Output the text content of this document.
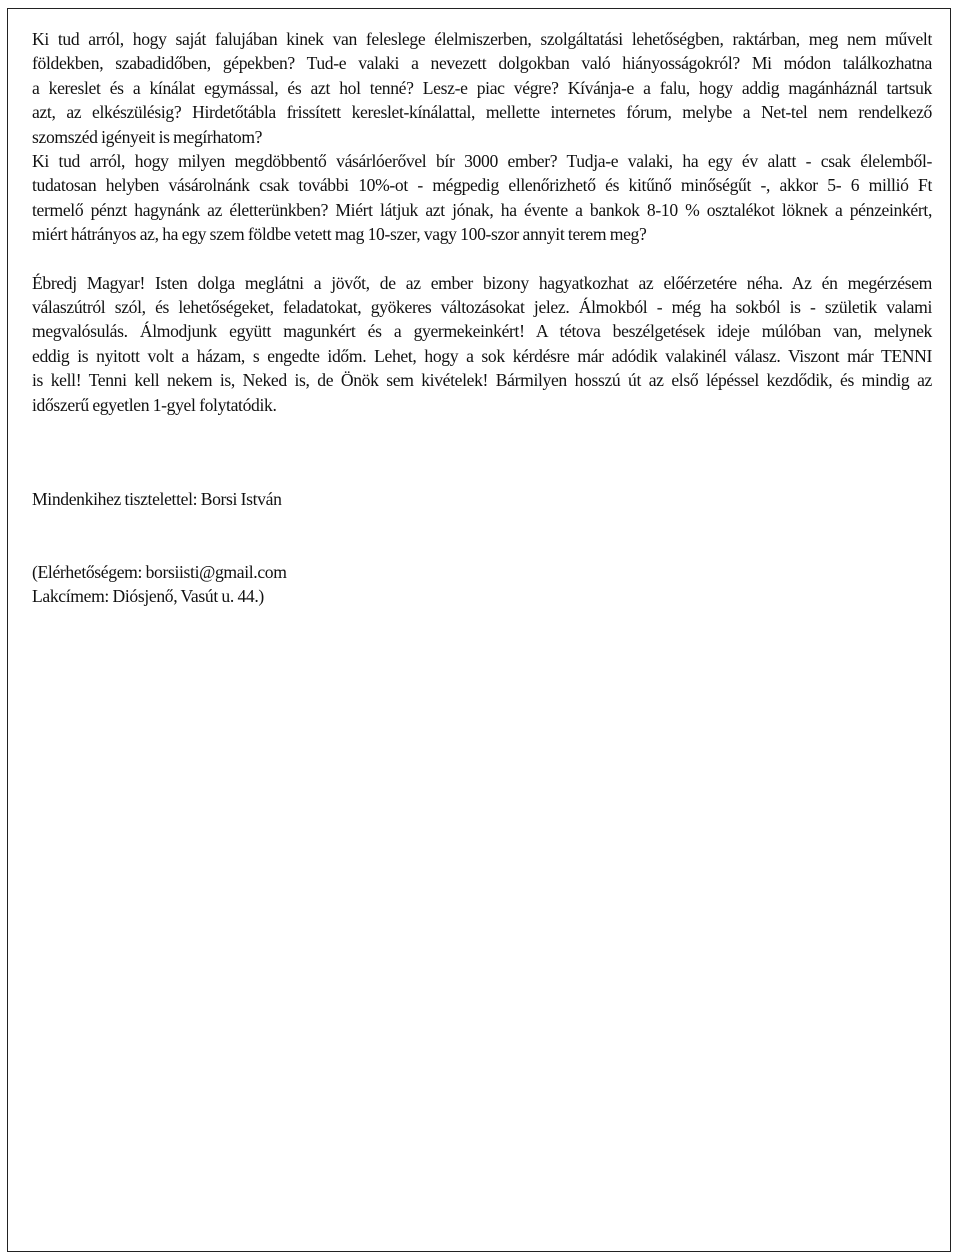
Ki tud arról, hogy saját falujában kinek van feleslege élelmiszerben, szolgáltatási lehetőségben, raktárban, meg nem művelt
földekben, szabadidőben, gépekben? Tud-e valaki a nevezett dolgokban való hiányosságokról? Mi módon találkozhatna
a kereslet és a kínálat egymással, és azt hol tenné? Lesz-e piac végre? Kívánja-e a falu, hogy addig magánháznál tartsuk
azt, az elkészülésig? Hirdetőtábla frissített kereslet-kínálattal, mellette internetes fórum, melybe a Net-tel nem rendelkező
szomszéd igényeit is megírhatom?
Ki tud arról, hogy milyen megdöbbentő vásárlóerővel bír 3000 ember? Tudja-e valaki, ha egy év alatt - csak élelemből-
tudatosan helyben vásárolnánk csak további 10%-ot - mégpedig ellenőrizhető és kitűnő minőségűt -, akkor 5- 6 millió Ft
termelő pénzt hagynánk az életterünkben? Miért látjuk azt jónak, ha évente a bankok 8-10 % osztalékot löknek a pénzeinkért,
miért hátrányos az, ha egy szem földbe vetett mag 10-szer, vagy 100-szor annyit terem meg?

Ébredj Magyar! Isten dolga meglátni a jövőt, de az ember bizony hagyatkozhat az előérzetére néha. Az én megérzésem
válaszútról szól, és lehetőségeket, feladatokat, gyökeres változásokat jelez. Álmokból - még ha sokból is - születik valami
megvalósulás. Álmodjunk együtt magunkért és a gyermekeinkért! A tétova beszélgetések ideje múlóban van, melynek
eddig is nyitott volt a házam, s engedte időm. Lehet, hogy a sok kérdésre már adódik valakinél válasz. Viszont már TENNI
is kell! Tenni kell nekem is, Neked is, de Önök sem kivételek! Bármilyen hosszú út az első lépéssel kezdődik, és mindig az
időszerű egyetlen 1-gyel folytatódik.

Mindenkihez tisztelettel: Borsi István

(Elérhetőségem: borsiisti@gmail.com
Lakcímem: Diósjenő, Vasút u. 44.)
